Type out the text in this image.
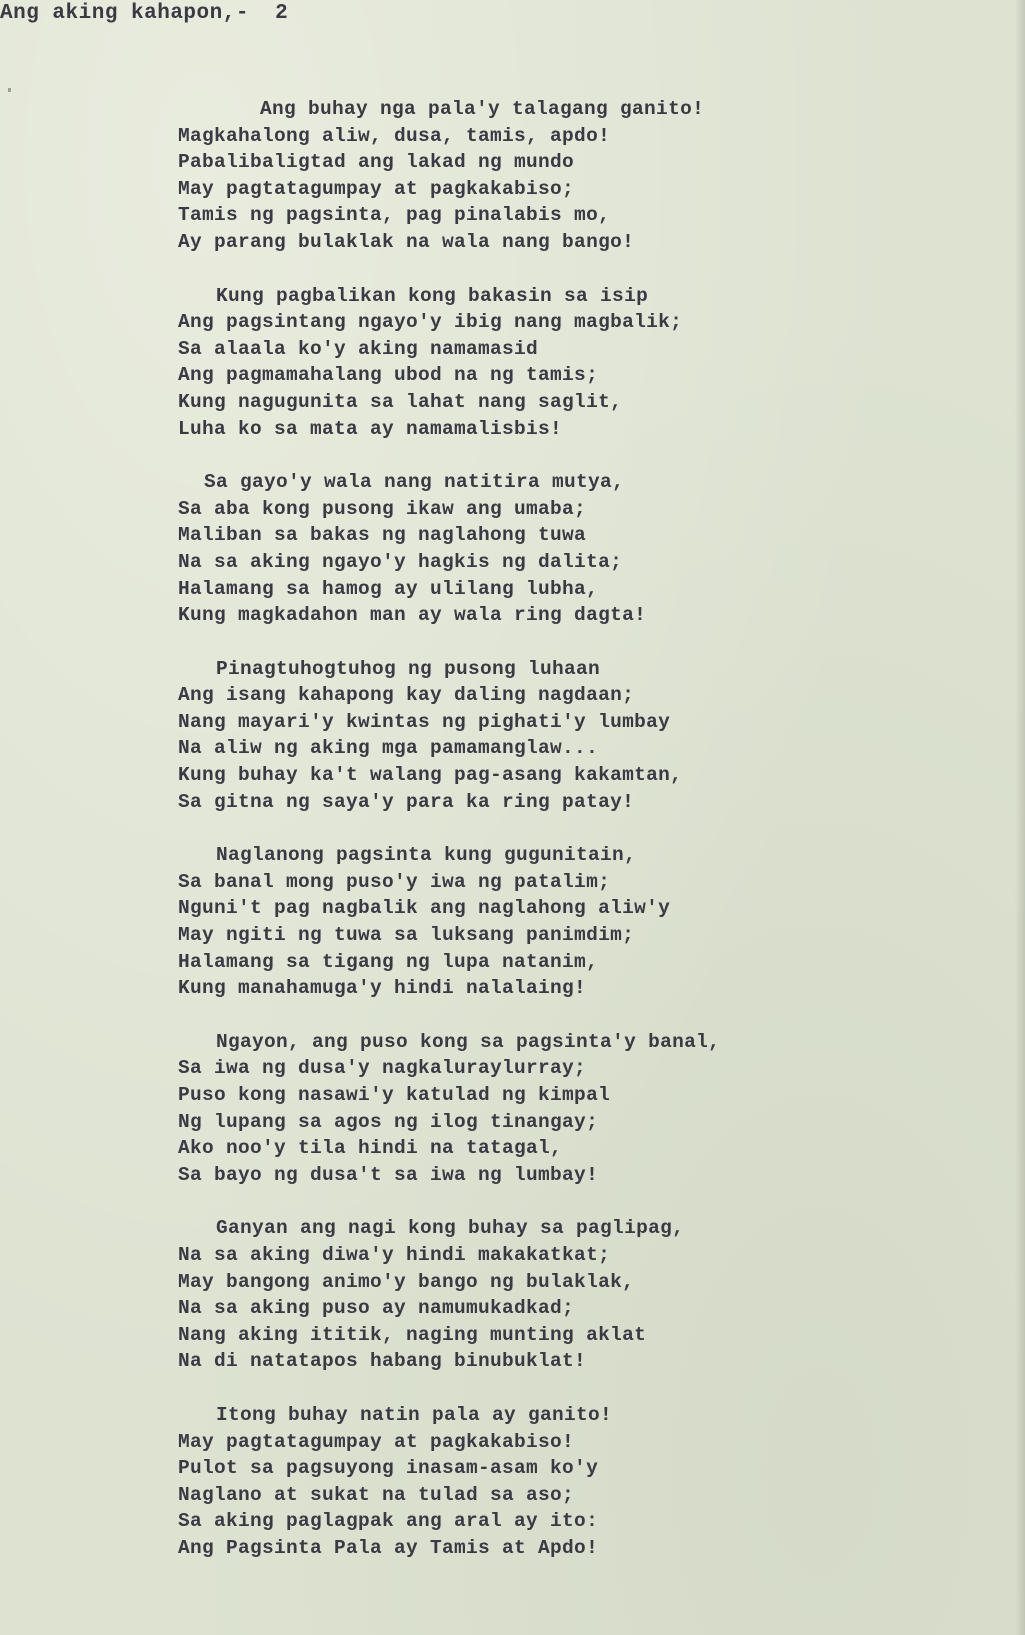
Ang aking kahapon,-  2
Ang buhay nga pala'y talagang ganito!
Magkahalong aliw, dusa, tamis, apdo!
Pabalibaligtad ang lakad ng mundo
May pagtatagumpay at pagkakabiso;
Tamis ng pagsinta, pag pinalabis mo,
Ay parang bulaklak na wala nang bango!
Kung pagbalikan kong bakasin sa isip
Ang pagsintang ngayo'y ibig nang magbalik;
Sa alaala ko'y aking namamasid
Ang pagmamahalang ubod na ng tamis;
Kung nagugunita sa lahat nang saglit,
Luha ko sa mata ay namamalisbis!
Sa gayo'y wala nang natitira mutya,
Sa aba kong pusong ikaw ang umaba;
Maliban sa bakas ng naglahong tuwa
Na sa aking ngayo'y hagkis ng dalita;
Halamang sa hamog ay ulilang lubha,
Kung magkadahon man ay wala ring dagta!
Pinagtuhogtuhog ng pusong luhaan
Ang isang kahapong kay daling nagdaan;
Nang mayari'y kwintas ng pighati'y lumbay
Na aliw ng aking mga pamamanglaw...
Kung buhay ka't walang pag-asang kakamtan,
Sa gitna ng saya'y para ka ring patay!
Naglanong pagsinta kung gugunitain,
Sa banal mong puso'y iwa ng patalim;
Nguni't pag nagbalik ang naglahong aliw'y
May ngiti ng tuwa sa luksang panimdim;
Halamang sa tigang ng lupa natanim,
Kung manahamuga'y hindi nalalaing!
Ngayon, ang puso kong sa pagsinta'y banal,
Sa iwa ng dusa'y nagkaluraylurray;
Puso kong nasawi'y katulad ng kimpal
Ng lupang sa agos ng ilog tinangay;
Ako noo'y tila hindi na tatagal,
Sa bayo ng dusa't sa iwa ng lumbay!
Ganyan ang nagi kong buhay sa paglipag,
Na sa aking diwa'y hindi makakatkat;
May bangong animo'y bango ng bulaklak,
Na sa aking puso ay namumukadkad;
Nang aking ititik, naging munting aklat
Na di natatapos habang binubuklat!
Itong buhay natin pala ay ganito!
May pagtatagumpay at pagkakabiso!
Pulot sa pagsuyong inasam-asam ko'y
Naglano at sukat na tulad sa aso;
Sa aking paglagpak ang aral ay ito:
Ang Pagsinta Pala ay Tamis at Apdo!
